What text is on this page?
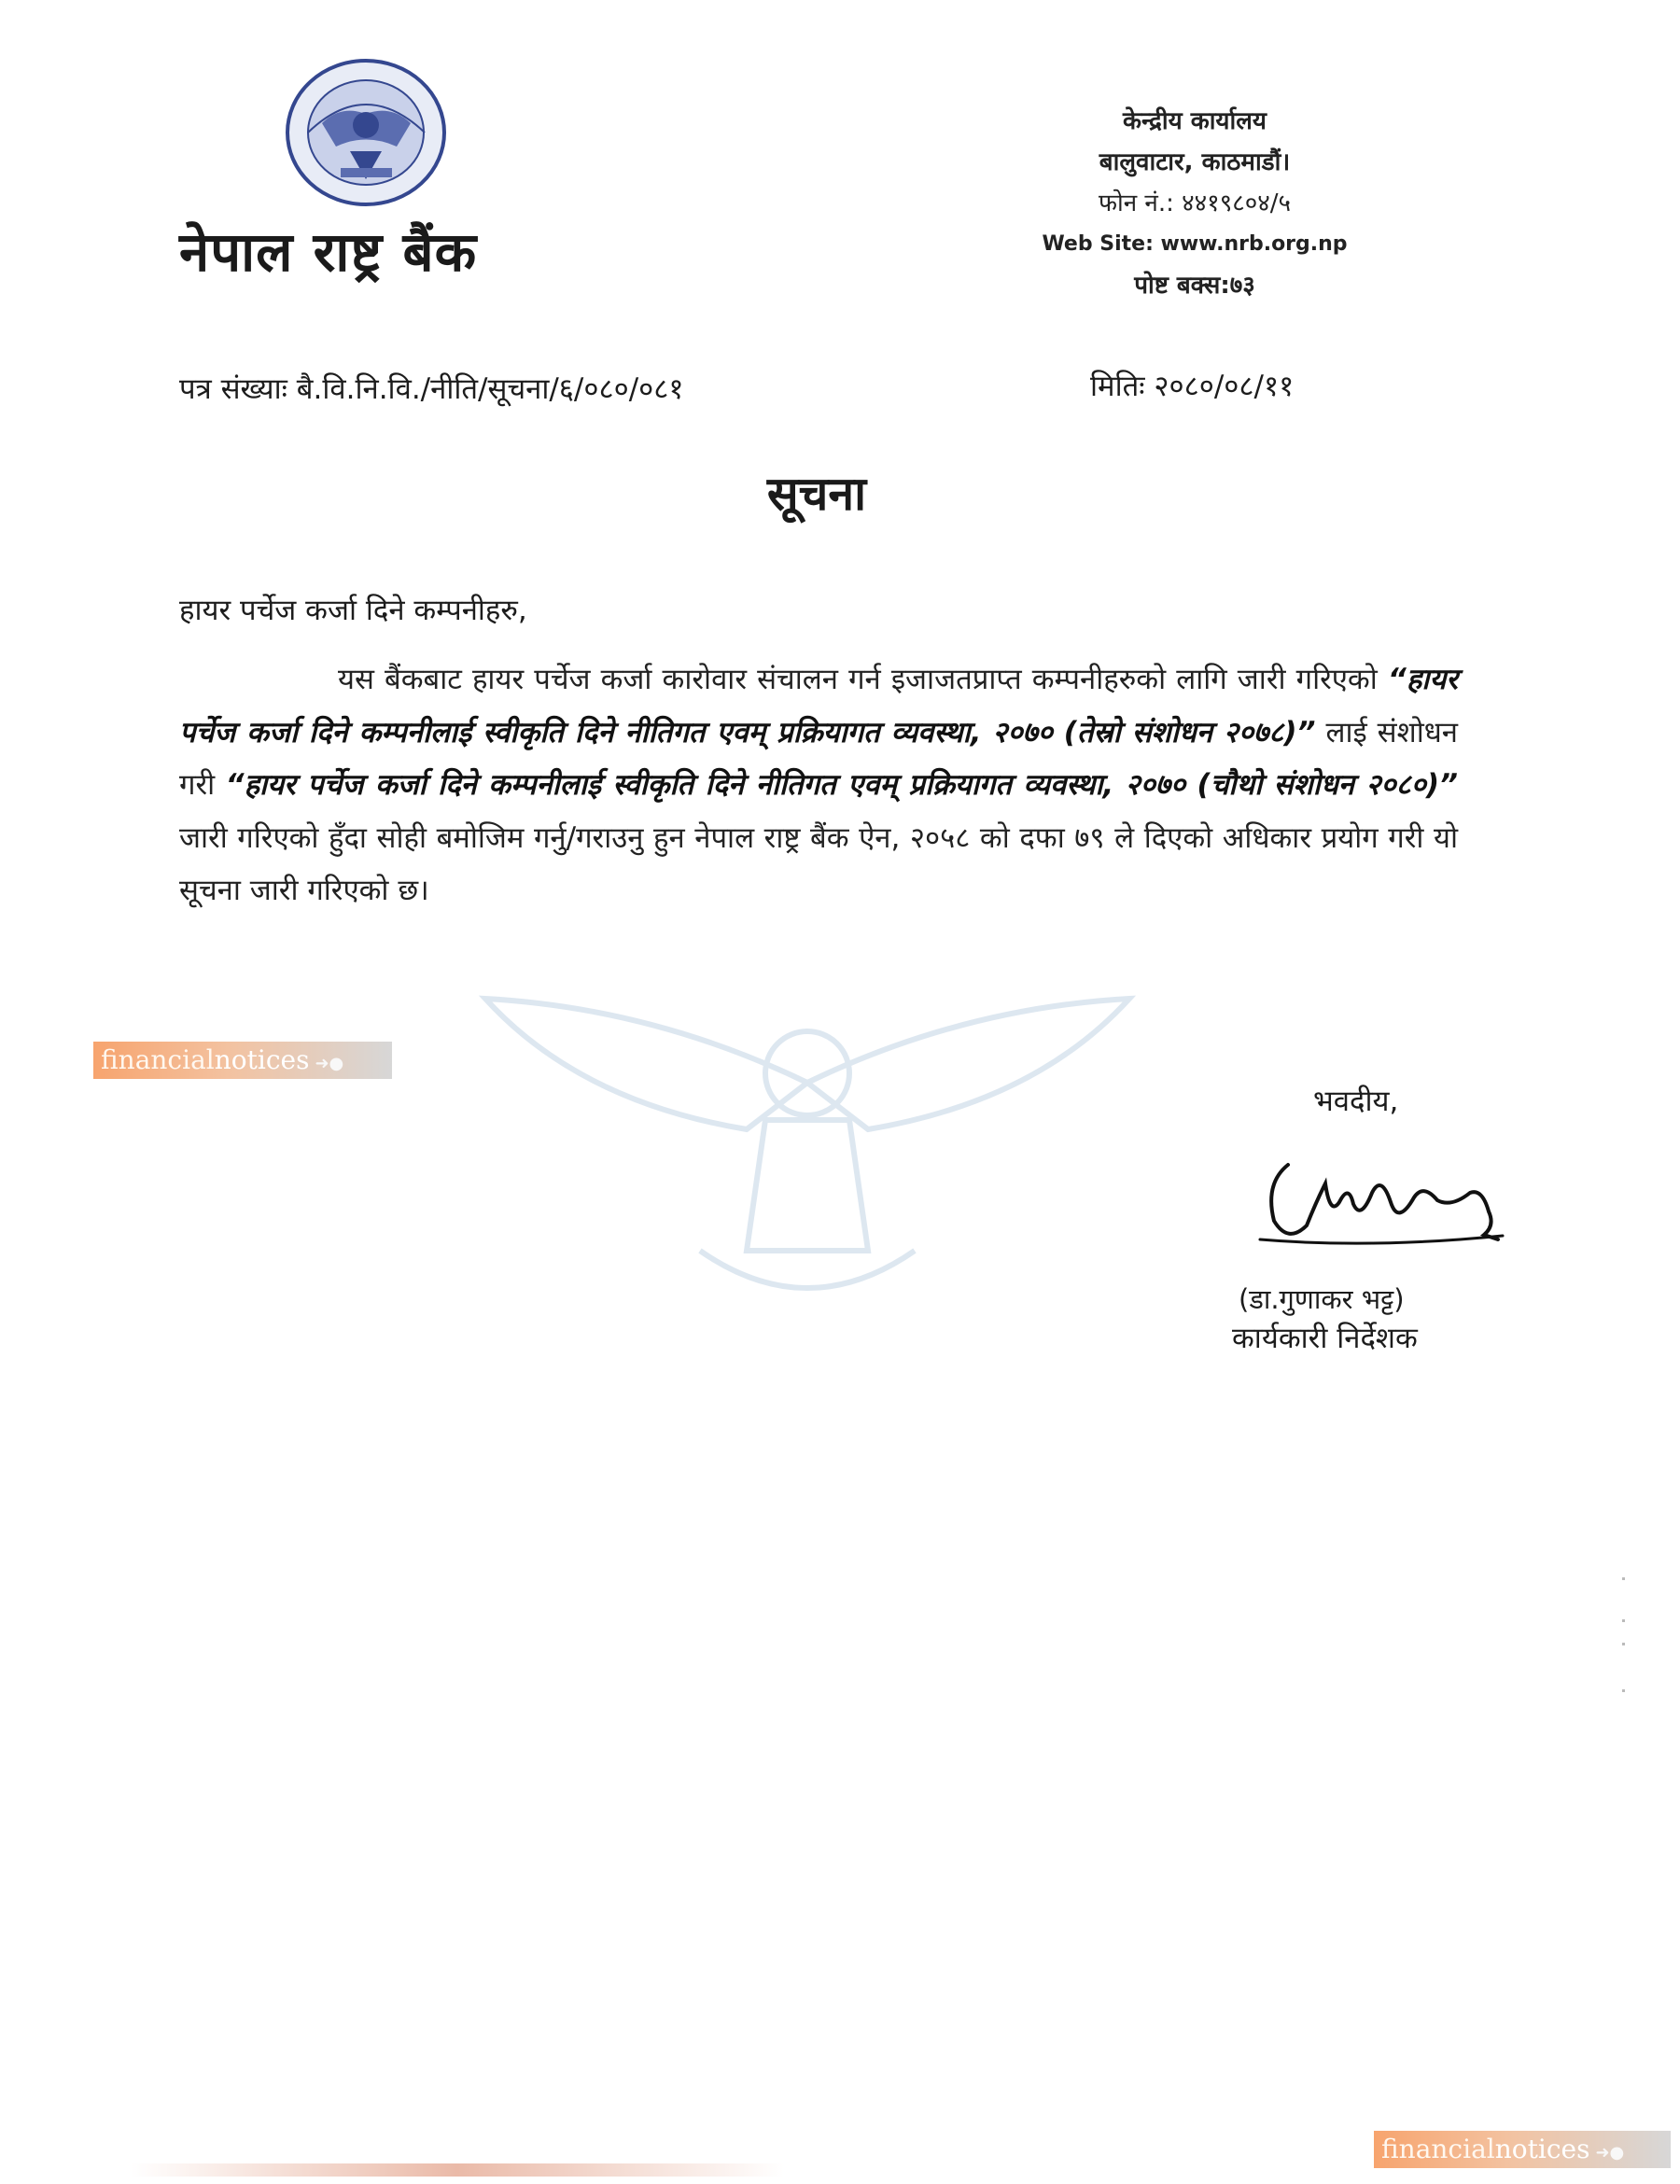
नेपाल राष्ट्र बैंक
केन्द्रीय कार्यालय
बालुवाटार, काठमाडौं।
फोन नं.: ४४१९८०४/५
Web Site: www.nrb.org.np
पोष्ट बक्स:७३
पत्र संख्याः बै.वि.नि.वि./नीति/सूचना/६/०८०/०८१	मितिः २०८०/०८/११
सूचना
हायर पर्चेज कर्जा दिने कम्पनीहरु,
यस बैंकबाट हायर पर्चेज कर्जा कारोवार संचालन गर्न इजाजतप्राप्त कम्पनीहरुको लागि जारी गरिएको “हायर पर्चेज कर्जा दिने कम्पनीलाई स्वीकृति दिने नीतिगत एवम् प्रक्रियागत व्यवस्था, २०७० (तेस्रो संशोधन २०७८)” लाई संशोधन गरी “हायर पर्चेज कर्जा दिने कम्पनीलाई स्वीकृति दिने नीतिगत एवम् प्रक्रियागत व्यवस्था, २०७० (चौथो संशोधन २०८०)” जारी गरिएको हुँदा सोही बमोजिम गर्नु/गराउनु हुन नेपाल राष्ट्र बैंक ऐन, २०५८ को दफा ७९ ले दिएको अधिकार प्रयोग गरी यो सूचना जारी गरिएको छ।
financialnotices ➜●
भवदीय,
(डा.गुणाकर भट्ट)
कार्यकारी निर्देशक
financialnotices ➜●
